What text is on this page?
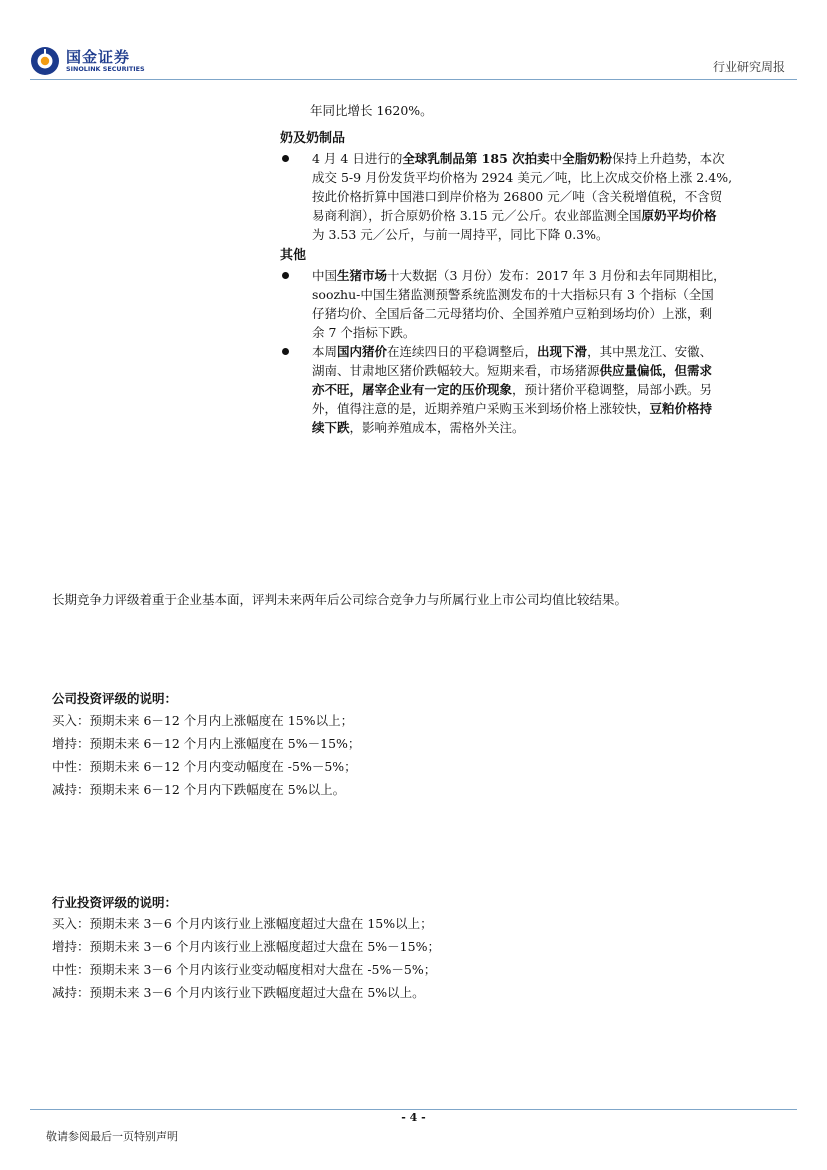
国金证券
SINOLINK SECURITIES	行业研究周报
年同比增长 1620%。
奶及奶制品
4 月 4 日进行的全球乳制品第 185 次拍卖中全脂奶粉保持上升趋势，本次
成交 5-9 月份发货平均价格为 2924 美元／吨，比上次成交价格上涨 2.4%,
按此价格折算中国港口到岸价格为 26800 元／吨（含关税增值税，不含贸
易商利润），折合原奶价格 3.15 元／公斤。农业部监测全国原奶平均价格
为 3.53 元／公斤，与前一周持平，同比下降 0.3%。
其他
中国生猪市场十大数据（3 月份）发布：2017 年 3 月份和去年同期相比，
soozhu-中国生猪监测预警系统监测发布的十大指标只有 3 个指标（全国
仔猪均价、全国后备二元母猪均价、全国养殖户豆粕到场均价）上涨，剩
余 7 个指标下跌。
本周国内猪价在连续四日的平稳调整后，出现下滑，其中黑龙江、安徽、
湖南、甘肃地区猪价跌幅较大。短期来看，市场猪源供应量偏低，但需求
亦不旺，屠宰企业有一定的压价现象，预计猪价平稳调整，局部小跌。另
外，值得注意的是，近期养殖户采购玉米到场价格上涨较快，豆粕价格持
续下跌，影响养殖成本，需格外关注。
长期竞争力评级着重于企业基本面，评判未来两年后公司综合竞争力与所属行业上市公司均值比较结果。
公司投资评级的说明：
买入：预期未来 6－12 个月内上涨幅度在 15%以上；
增持：预期未来 6－12 个月内上涨幅度在 5%－15%；
中性：预期未来 6－12 个月内变动幅度在 -5%－5%；
减持：预期未来 6－12 个月内下跌幅度在 5%以上。
行业投资评级的说明：
买入：预期未来 3－6 个月内该行业上涨幅度超过大盘在 15%以上；
增持：预期未来 3－6 个月内该行业上涨幅度超过大盘在 5%－15%；
中性：预期未来 3－6 个月内该行业变动幅度相对大盘在 -5%－5%；
减持：预期未来 3－6 个月内该行业下跌幅度超过大盘在 5%以上。
- 4 -
敬请参阅最后一页特别声明
